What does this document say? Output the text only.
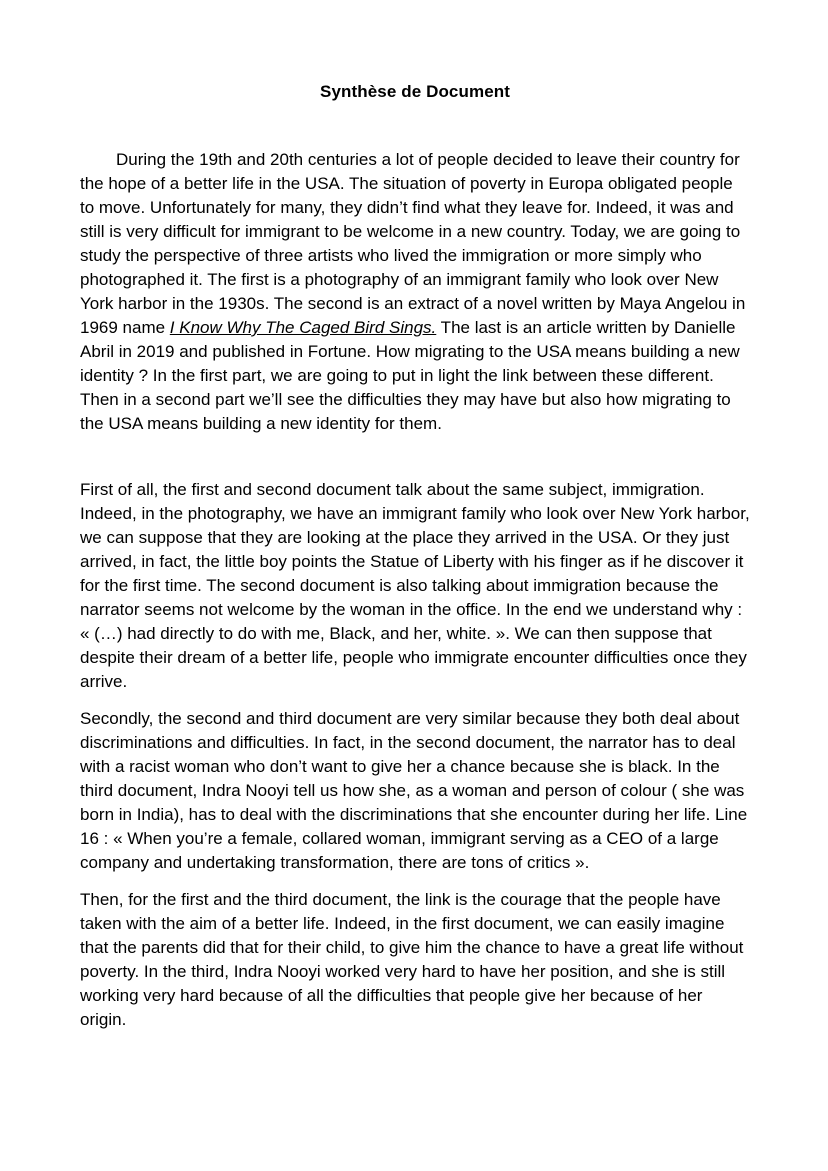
Synthèse de Document

During the 19th and 20th centuries a lot of people decided to leave their country for the hope of a better life in the USA. The situation of poverty in Europa obligated people to move. Unfortunately for many, they didn’t find what they leave for. Indeed, it was and still is very difficult for immigrant to be welcome in a new country. Today, we are going to study the perspective of three artists who lived the immigration or more simply who photographed it. The first is a photography of an immigrant family who look over New York harbor in the 1930s. The second is an extract of a novel written by Maya Angelou in 1969 name I Know Why The Caged Bird Sings. The last is an article written by Danielle Abril in 2019 and published in Fortune. How migrating to the USA means building a new identity ? In the first part, we are going to put in light the link between these different. Then in a second part we’ll see the difficulties they may have but also how migrating to the USA means building a new identity for them.

First of all, the first and second document talk about the same subject, immigration. Indeed, in the photography, we have an immigrant family who look over New York harbor, we can suppose that they are looking at the place they arrived in the USA. Or they just arrived, in fact, the little boy points the Statue of Liberty with his finger as if he discover it for the first time. The second document is also talking about immigration because the narrator seems not welcome by the woman in the office. In the end we understand why : « (…) had directly to do with me, Black, and her, white. ». We can then suppose that despite their dream of a better life, people who immigrate encounter difficulties once they arrive.

Secondly, the second and third document are very similar because they both deal about discriminations and difficulties. In fact, in the second document, the narrator has to deal with a racist woman who don’t want to give her a chance because she is black. In the third document, Indra Nooyi tell us how she, as a woman and person of colour ( she was born in India), has to deal with the discriminations that she encounter during her life. Line 16 : « When you’re a female, collared woman, immigrant serving as a CEO of a large company and undertaking transformation, there are tons of critics ».

Then, for the first and the third document, the link is the courage that the people have taken with the aim of a better life. Indeed, in the first document, we can easily imagine that the parents did that for their child, to give him the chance to have a great life without poverty. In the third, Indra Nooyi worked very hard to have her position, and she is still working very hard because of all the difficulties that people give her because of her origin.
